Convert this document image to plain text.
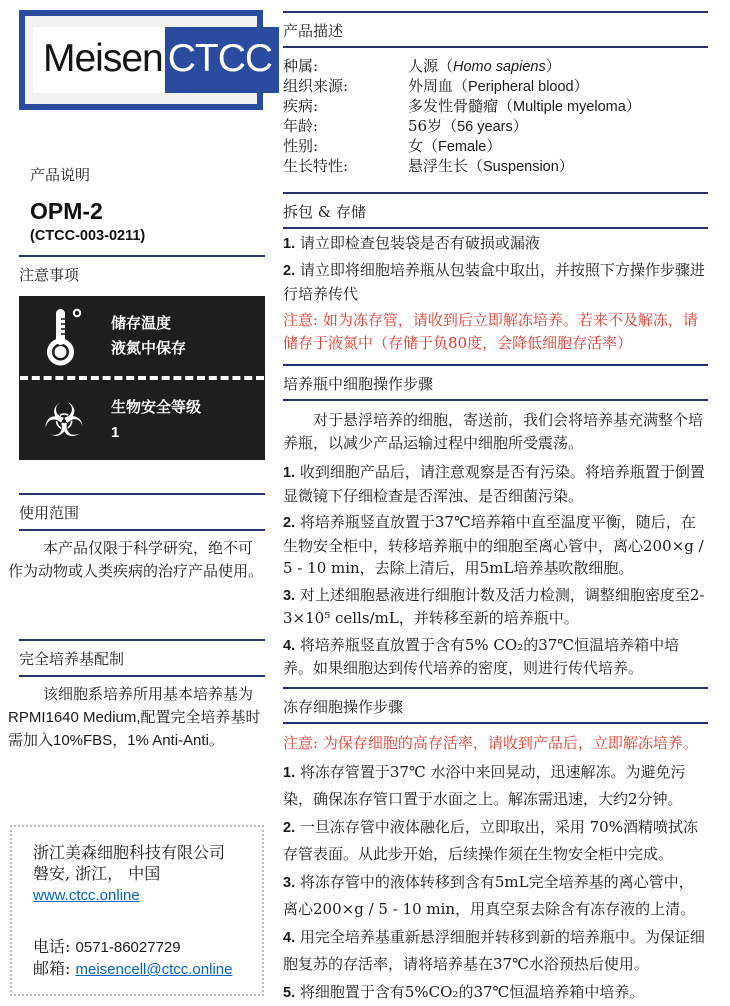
Meisen CTCC
产品说明
OPM-2
(CTCC-003-0211)
注意事项
储存温度
液氮中保存
☣ 生物安全等级
1
使用范围

本产品仅限于科学研究，绝不可作为动物或人类疾病的治疗产品使用。

完全培养基配制

该细胞系培养所用基本培养基为RPMI1640 Medium,配置完全培养基时需加入10%FBS，1% Anti-Anti。

浙江美森细胞科技有限公司
磐安, 浙江， 中国
www.ctcc.online
电话: 0571-86027729
邮箱: meisencell@ctcc.online
产品描述
种属:	人源（Homo sapiens）
组织来源:	外周血（Peripheral blood）
疾病:	多发性骨髓瘤（Multiple myeloma）
年龄:	56岁（56 years）
性别:	女（Female）
生长特性:	悬浮生长（Suspension）
拆包 & 存储

1. 请立即检查包装袋是否有破损或漏液

2. 请立即将细胞培养瓶从包装盒中取出，并按照下方操作步骤进行培养传代

注意: 如为冻存管，请收到后立即解冻培养。若来不及解冻，请储存于液氮中（存储于负80度，会降低细胞存活率）

培养瓶中细胞操作步骤

对于悬浮培养的细胞，寄送前，我们会将培养基充满整个培养瓶，以减少产品运输过程中细胞所受震荡。

1. 收到细胞产品后，请注意观察是否有污染。将培养瓶置于倒置显微镜下仔细检查是否浑浊、是否细菌污染。

2. 将培养瓶竖直放置于37℃培养箱中直至温度平衡，随后，在生物安全柜中，转移培养瓶中的细胞至离心管中，离心200×g / 5 - 10 min，去除上清后，用5mL培养基吹散细胞。

3. 对上述细胞悬液进行细胞计数及活力检测，调整细胞密度至2-3×10⁵ cells/mL，并转移至新的培养瓶中。

4. 将培养瓶竖直放置于含有5% CO₂的37℃恒温培养箱中培养。如果细胞达到传代培养的密度，则进行传代培养。

冻存细胞操作步骤

注意: 为保存细胞的高存活率，请收到产品后，立即解冻培养。

1. 将冻存管置于37℃ 水浴中来回晃动，迅速解冻。为避免污染，确保冻存管口置于水面之上。解冻需迅速，大约2分钟。

2. 一旦冻存管中液体融化后，立即取出，采用 70%酒精喷拭冻存管表面。从此步开始，后续操作须在生物安全柜中完成。

3. 将冻存管中的液体转移到含有5mL完全培养基的离心管中， 离心200×g / 5 - 10 min，用真空泵去除含有冻存液的上清。

4. 用完全培养基重新悬浮细胞并转移到新的培养瓶中。为保证细胞复苏的存活率，请将培养基在37℃水浴预热后使用。

5. 将细胞置于含有5%CO₂的37℃恒温培养箱中培养。
